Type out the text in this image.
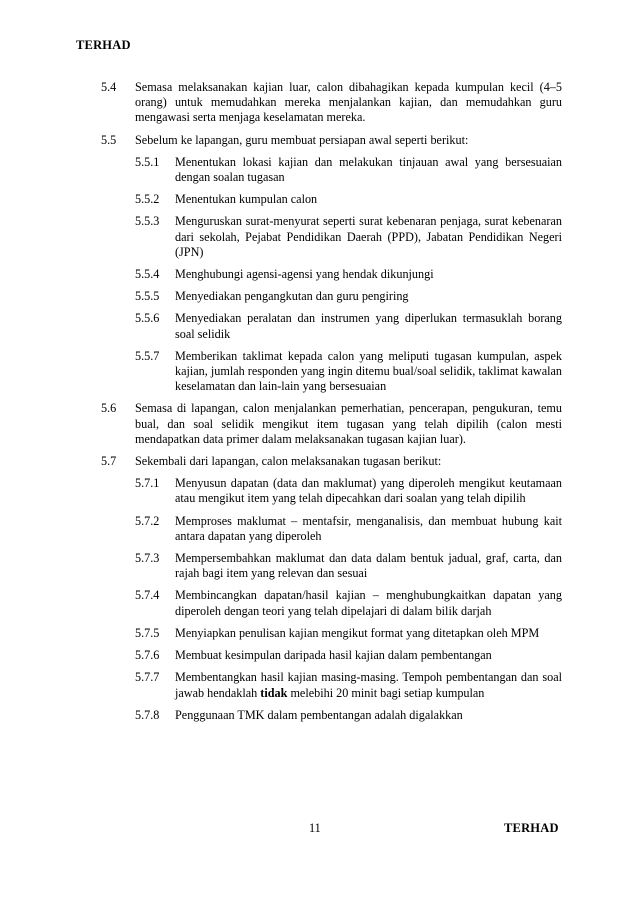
TERHAD
5.4 Semasa melaksanakan kajian luar, calon dibahagikan kepada kumpulan kecil (4–5 orang) untuk memudahkan mereka menjalankan kajian, dan memudahkan guru mengawasi serta menjaga keselamatan mereka.
5.5 Sebelum ke lapangan, guru membuat persiapan awal seperti berikut:
5.5.1 Menentukan lokasi kajian dan melakukan tinjauan awal yang bersesuaian dengan soalan tugasan
5.5.2 Menentukan kumpulan calon
5.5.3 Menguruskan surat-menyurat seperti surat kebenaran penjaga, surat kebenaran dari sekolah, Pejabat Pendidikan Daerah (PPD), Jabatan Pendidikan Negeri (JPN)
5.5.4 Menghubungi agensi-agensi yang hendak dikunjungi
5.5.5 Menyediakan pengangkutan dan guru pengiring
5.5.6 Menyediakan peralatan dan instrumen yang diperlukan termasuklah borang soal selidik
5.5.7 Memberikan taklimat kepada calon yang meliputi tugasan kumpulan, aspek kajian, jumlah responden yang ingin ditemu bual/soal selidik, taklimat kawalan keselamatan dan lain-lain yang bersesuaian
5.6 Semasa di lapangan, calon menjalankan pemerhatian, pencerapan, pengukuran, temu bual, dan soal selidik mengikut item tugasan yang telah dipilih (calon mesti mendapatkan data primer dalam melaksanakan tugasan kajian luar).
5.7 Sekembali dari lapangan, calon melaksanakan tugasan berikut:
5.7.1 Menyusun dapatan (data dan maklumat) yang diperoleh mengikut keutamaan atau mengikut item yang telah dipecahkan dari soalan yang telah dipilih
5.7.2 Memproses maklumat – mentafsir, menganalisis, dan membuat hubung kait antara dapatan yang diperoleh
5.7.3 Mempersembahkan maklumat dan data dalam bentuk jadual, graf, carta, dan rajah bagi item yang relevan dan sesuai
5.7.4 Membincangkan dapatan/hasil kajian – menghubungkaitkan dapatan yang diperoleh dengan teori yang telah dipelajari di dalam bilik darjah
5.7.5 Menyiapkan penulisan kajian mengikut format yang ditetapkan oleh MPM
5.7.6 Membuat kesimpulan daripada hasil kajian dalam pembentangan
5.7.7 Membentangkan hasil kajian masing-masing. Tempoh pembentangan dan soal jawab hendaklah tidak melebihi 20 minit bagi setiap kumpulan
5.7.8 Penggunaan TMK dalam pembentangan adalah digalakkan
11	TERHAD
